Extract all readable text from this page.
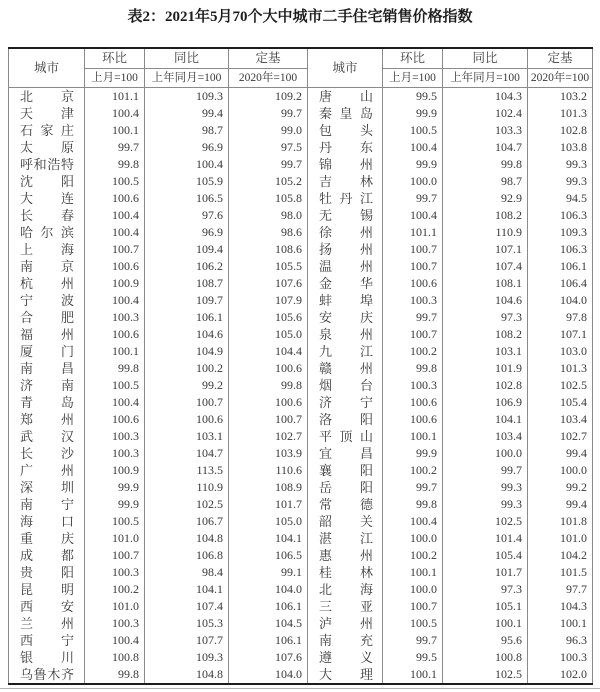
表2：2021年5月70个大中城市二手住宅销售价格指数
城市	环比	同比	定基	城市	环比	同比	定基
	上月=100	上年同月=100	2020年=100		上月=100	上年同月=100	2020年=100

北 京	101.1	109.3	109.2	唐 山	99.5	104.3	103.2

天 津	100.4	99.4	99.7	秦 皇 岛	99.9	102.4	101.3

石 家 庄	100.1	98.7	99.0	包 头	100.5	103.3	102.8

太 原	99.7	96.9	97.5	丹 东	100.4	104.7	103.8

呼 和 浩 特	99.8	100.4	99.7	锦 州	99.9	99.8	99.3

沈 阳	100.5	105.9	105.2	吉 林	100.0	98.7	99.3

大 连	100.6	106.5	105.8	牡 丹 江	99.7	92.9	94.5

长 春	100.4	97.6	98.0	无 锡	100.4	108.2	106.3

哈 尔 滨	100.4	96.9	98.6	徐 州	101.1	110.9	109.3

上 海	100.7	109.4	108.6	扬 州	100.7	107.1	106.3

南 京	100.6	106.2	105.5	温 州	100.7	107.4	106.1

杭 州	100.9	108.7	107.6	金 华	100.6	108.1	106.4

宁 波	100.4	109.7	107.9	蚌 埠	100.3	104.6	104.0

合 肥	100.3	106.1	105.6	安 庆	99.7	97.3	97.8

福 州	100.6	104.6	105.0	泉 州	100.7	108.2	107.1

厦 门	100.1	104.9	104.4	九 江	100.2	103.1	103.0

南 昌	99.8	100.2	100.6	赣 州	99.8	101.9	101.3

济 南	100.5	99.2	99.8	烟 台	100.3	102.8	102.5

青 岛	100.4	100.7	100.6	济 宁	100.6	106.9	105.4

郑 州	100.6	100.6	100.7	洛 阳	100.6	104.1	103.4

武 汉	100.3	103.1	102.7	平 顶 山	100.1	103.4	102.7

长 沙	100.3	104.7	103.9	宜 昌	99.9	100.0	99.4

广 州	100.9	113.5	110.6	襄 阳	100.2	99.7	100.0

深 圳	99.9	110.9	108.9	岳 阳	99.7	99.3	99.2

南 宁	99.9	102.5	101.7	常 德	99.8	99.3	99.4

海 口	100.5	106.7	105.0	韶 关	100.4	102.5	101.8

重 庆	101.0	104.8	104.1	湛 江	100.0	101.4	101.0

成 都	100.7	106.8	106.5	惠 州	100.2	105.4	104.2

贵 阳	100.3	98.4	99.1	桂 林	100.1	101.7	101.5

昆 明	100.2	104.1	104.0	北 海	100.0	97.3	97.7

西 安	101.0	107.4	106.1	三 亚	100.7	105.1	104.3

兰 州	100.3	105.3	104.5	泸 州	100.5	100.1	100.1

西 宁	100.4	107.7	106.1	南 充	99.7	95.6	96.3

银 川	100.8	109.3	107.6	遵 义	99.5	100.8	100.3

乌 鲁 木 齐	99.8	104.8	104.0	大 理	100.1	102.5	102.0
